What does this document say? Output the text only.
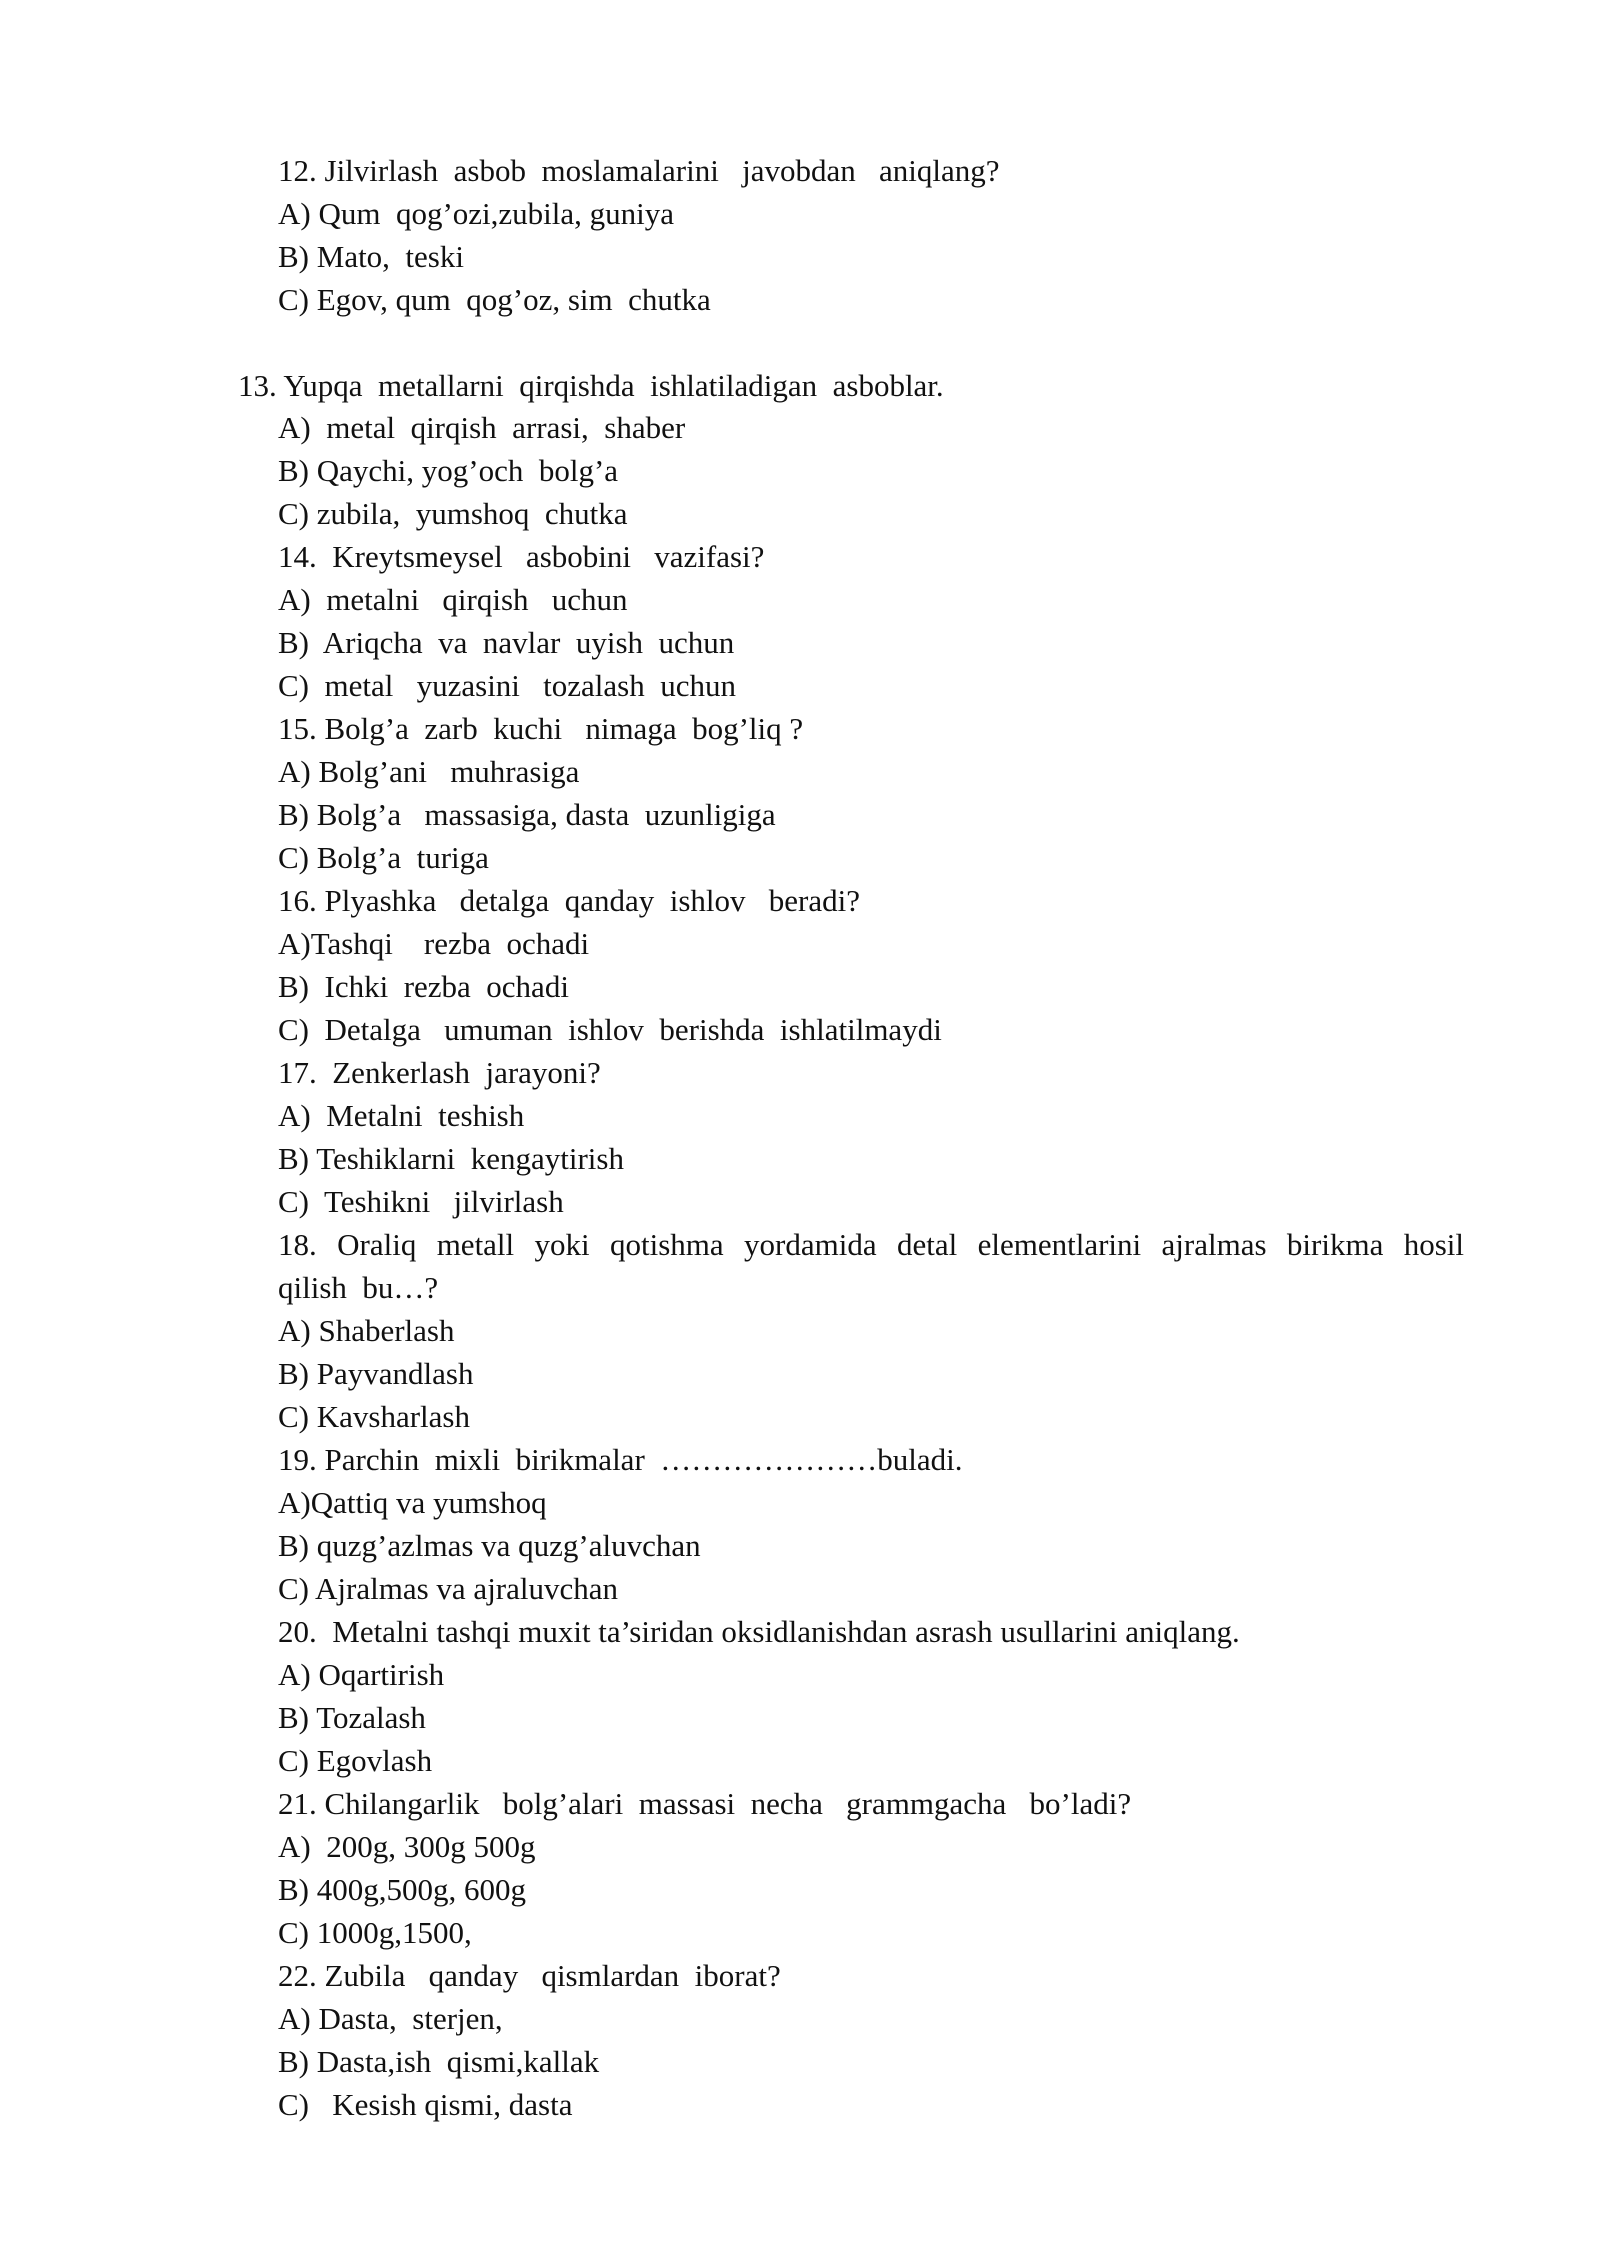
12. Jilvirlash  asbob  moslamalarini   javobdan   aniqlang?
A) Qum  qog’ozi,zubila, guniya
B) Mato,  teski
C) Egov, qum  qog’oz, sim  chutka
13. Yupqa  metallarni  qirqishda  ishlatiladigan  asboblar.
A)  metal  qirqish  arrasi,  shaber
B) Qaychi, yog’och  bolg’a
C) zubila,  yumshoq  chutka
14.  Kreytsmeysel   asbobini   vazifasi?
A)  metalni   qirqish   uchun
B)  Ariqcha  va  navlar  uyish  uchun
C)  metal   yuzasini   tozalash  uchun
15. Bolg’a  zarb  kuchi   nimaga  bog’liq ?
A) Bolg’ani   muhrasiga
B) Bolg’a   massasiga, dasta  uzunligiga
C) Bolg’a  turiga
16. Plyashka   detalga  qanday  ishlov   beradi?
A)Tashqi    rezba  ochadi
B)  Ichki  rezba  ochadi
C)  Detalga   umuman  ishlov  berishda  ishlatilmaydi
17.  Zenkerlash  jarayoni?
A)  Metalni  teshish
B) Teshiklarni  kengaytirish
C)  Teshikni   jilvirlash
18. Oraliq metall yoki qotishma yordamida detal elementlarini ajralmas birikma hosil
qilish  bu…?
A) Shaberlash
B) Payvandlash
C) Kavsharlash
19. Parchin  mixli  birikmalar  …………………buladi.
A)Qattiq va yumshoq
B) quzg’azlmas va quzg’aluvchan
C) Ajralmas va ajraluvchan
20.  Metalni tashqi muxit ta’siridan oksidlanishdan asrash usullarini aniqlang.
A) Oqartirish
B) Tozalash
C) Egovlash
21. Chilangarlik   bolg’alari  massasi  necha   grammgacha   bo’ladi?
A)  200g, 300g 500g
B) 400g,500g, 600g
C) 1000g,1500,
22. Zubila   qanday   qismlardan  iborat?
A) Dasta,  sterjen,
B) Dasta,ish  qismi,kallak
C)   Kesish qismi, dasta
